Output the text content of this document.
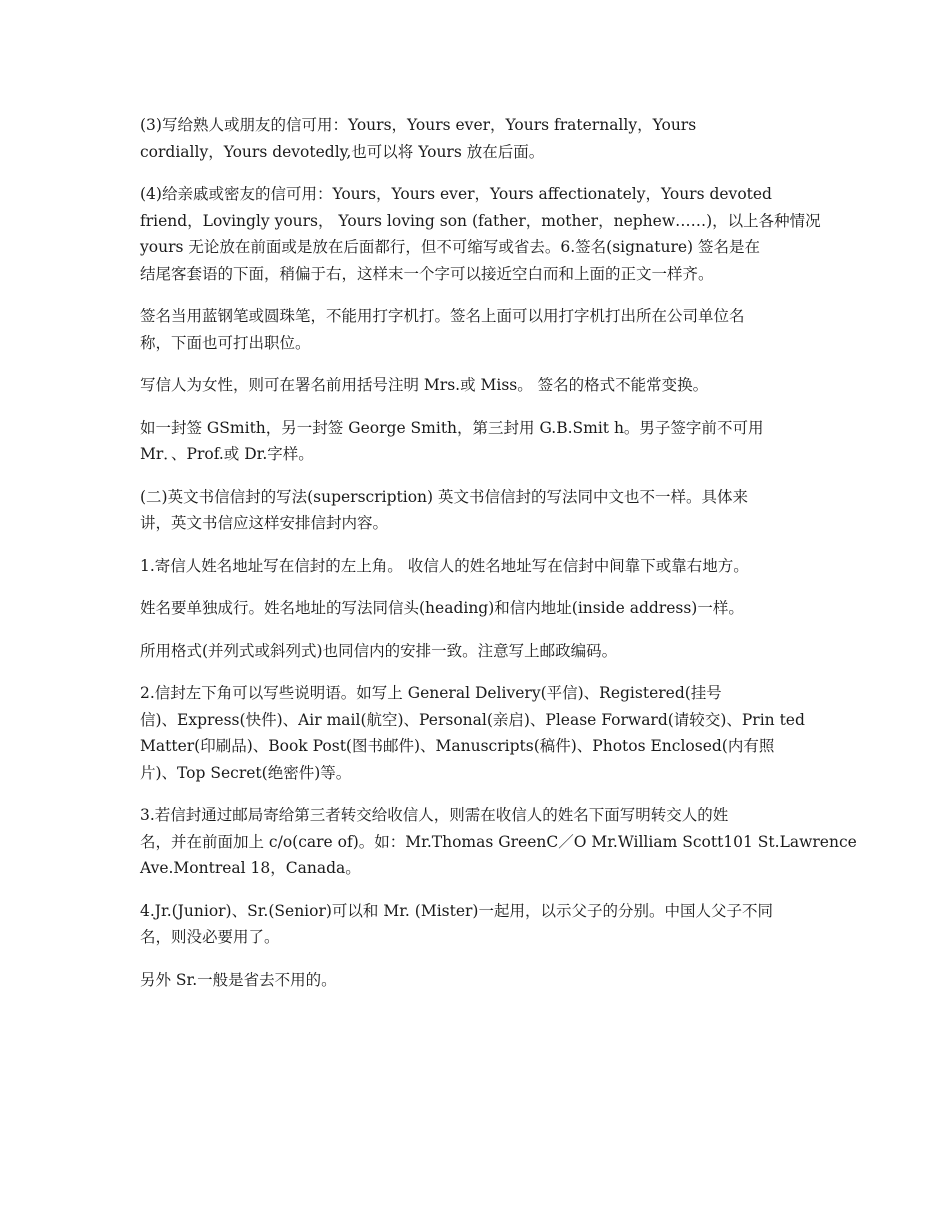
(3)写给熟人或朋友的信可用：Yours，Yours ever，Yours fraternally，Yours
cordially，Yours devotedly,也可以将 Yours 放在后面。

(4)给亲戚或密友的信可用：Yours，Yours ever，Yours affectionately，Yours devoted
friend，Lovingly yours， Yours loving son (father，mother，nephew……)，以上各种情况
yours 无论放在前面或是放在后面都行，但不可缩写或省去。6.签名(signature) 签名是在
结尾客套语的下面，稍偏于右，这样末一个字可以接近空白而和上面的正文一样齐。

签名当用蓝钢笔或圆珠笔，不能用打字机打。签名上面可以用打字机打出所在公司单位名
称，下面也可打出职位。

写信人为女性，则可在署名前用括号注明 Mrs.或 Miss。 签名的格式不能常变换。

如一封签 GSmith，另一封签 George Smith，第三封用 G.B.Smit h。男子签字前不可用
Mr．、Prof.或 Dr.字样。

(二)英文书信信封的写法(superscription) 英文书信信封的写法同中文也不一样。具体来
讲，英文书信应这样安排信封内容。

1.寄信人姓名地址写在信封的左上角。 收信人的姓名地址写在信封中间靠下或靠右地方。

姓名要单独成行。姓名地址的写法同信头(heading)和信内地址(inside address)一样。

所用格式(并列式或斜列式)也同信内的安排一致。注意写上邮政编码。

2.信封左下角可以写些说明语。如写上 General Delivery(平信)、Registered(挂号
信)、Express(快件)、Air mail(航空)、Personal(亲启)、Please Forward(请较交)、Prin ted
Matter(印刷品)、Book Post(图书邮件)、Manuscripts(稿件)、Photos Enclosed(内有照
片)、Top Secret(绝密件)等。

3.若信封通过邮局寄给第三者转交给收信人，则需在收信人的姓名下面写明转交人的姓
名，并在前面加上 c/o(care of)。如：Mr.Thomas GreenC／O Mr.William Scott101 St.Lawrence
Ave.Montreal 18，Canada。

4.Jr.(Junior)、Sr.(Senior)可以和 Mr. (Mister)一起用，以示父子的分别。中国人父子不同
名，则没必要用了。

另外 Sr.一般是省去不用的。
